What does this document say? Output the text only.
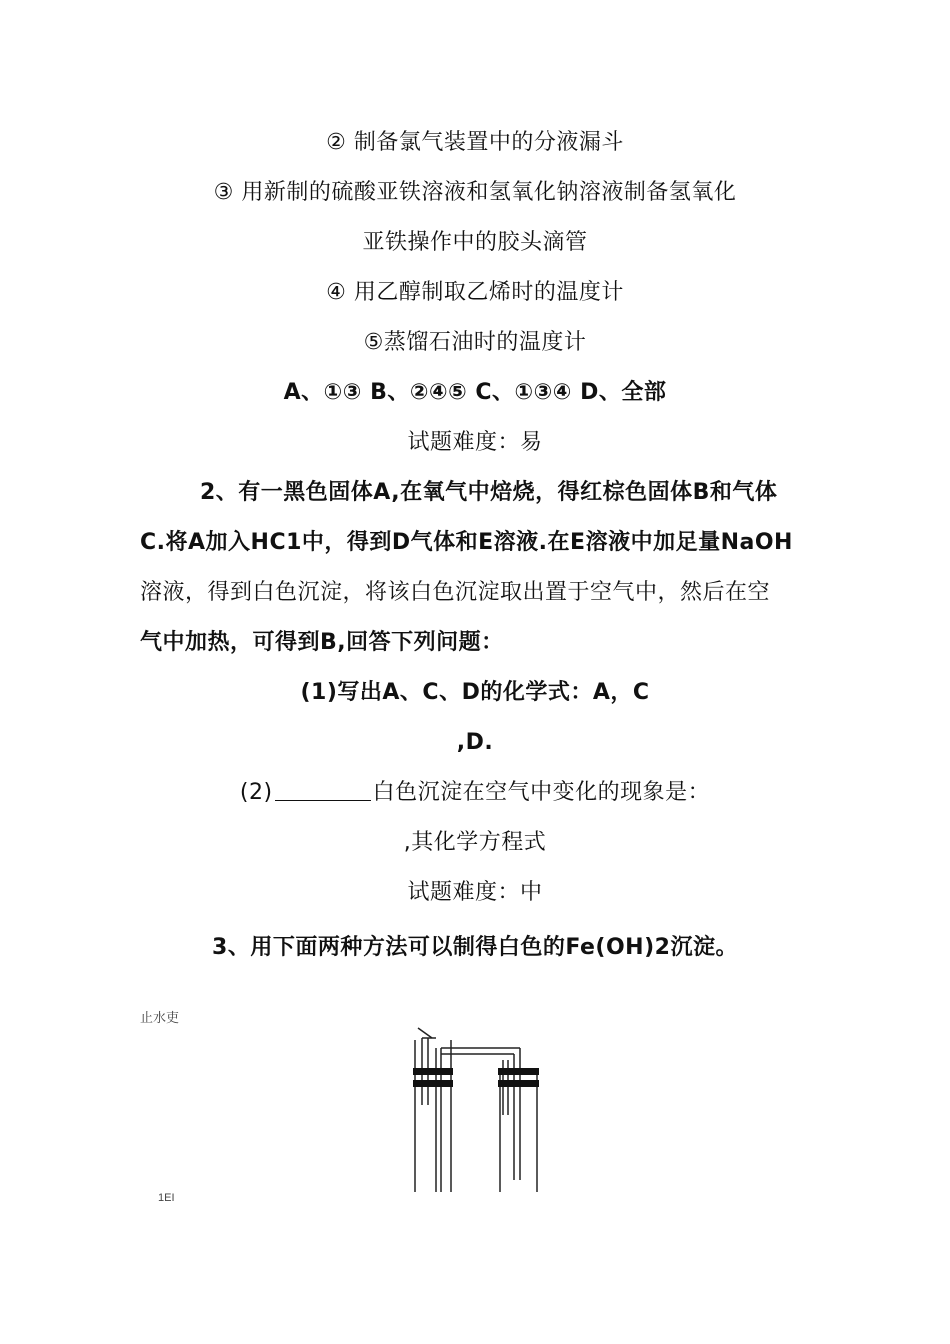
② 制备氯气装置中的分液漏斗
③ 用新制的硫酸亚铁溶液和氢氧化钠溶液制备氢氧化
亚铁操作中的胶头滴管
④ 用乙醇制取乙烯时的温度计
⑤蒸馏石油时的温度计
A、①③ B、②④⑤ C、①③④ D、全部
试题难度：易
2、有一黑色固体A,在氧气中焙烧，得红棕色固体B和气体
C.将A加入HC1中，得到D气体和E溶液.在E溶液中加足量NaOH
溶液，得到白色沉淀，将该白色沉淀取出置于空气中，然后在空
气中加热，可得到B,回答下列问题：
(1)写出A、C、D的化学式：A，C
,D.
(2)	白色沉淀在空气中变化的现象是：
,其化学方程式
试题难度：中
3、用下面两种方法可以制得白色的Fe(OH)2沉淀。
止水吏
1EI
